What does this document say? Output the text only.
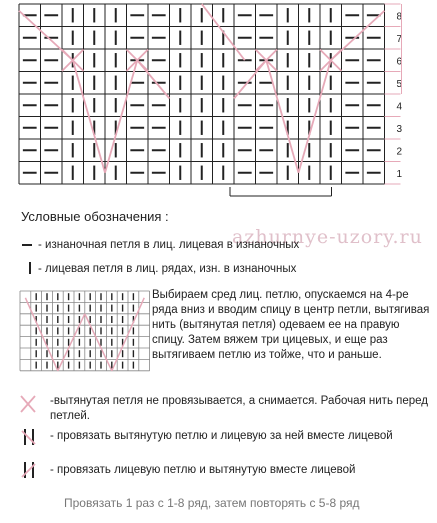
8
7
6
5
4
3
2
1
Условные обозначения :
azhurnye-uzory.ru
- изнаночная петля в лиц. лицевая в изнаночных
- лицевая петля в лиц. рядах, изн. в изнаночных
Выбираем сред лиц. петлю, опускаемся на 4-ре ряда вниз и вводим спицу в центр петли, вытягивая нить (вытянутая петля) одеваем ее на правую спицу. Затем вяжем три цицевых, и еще раз вытягиваем петлю из тойже, что и раньше.
-вытянутая петля не провязывается, а снимается. Рабочая нить перед петлей.
- провязать вытянутую петлю и лицевую за ней вместе лицевой
- провязать лицевую петлю и вытянутую вместе лицевой
Провязать 1 раз с 1-8 ряд, затем повторять с 5-8 ряд
